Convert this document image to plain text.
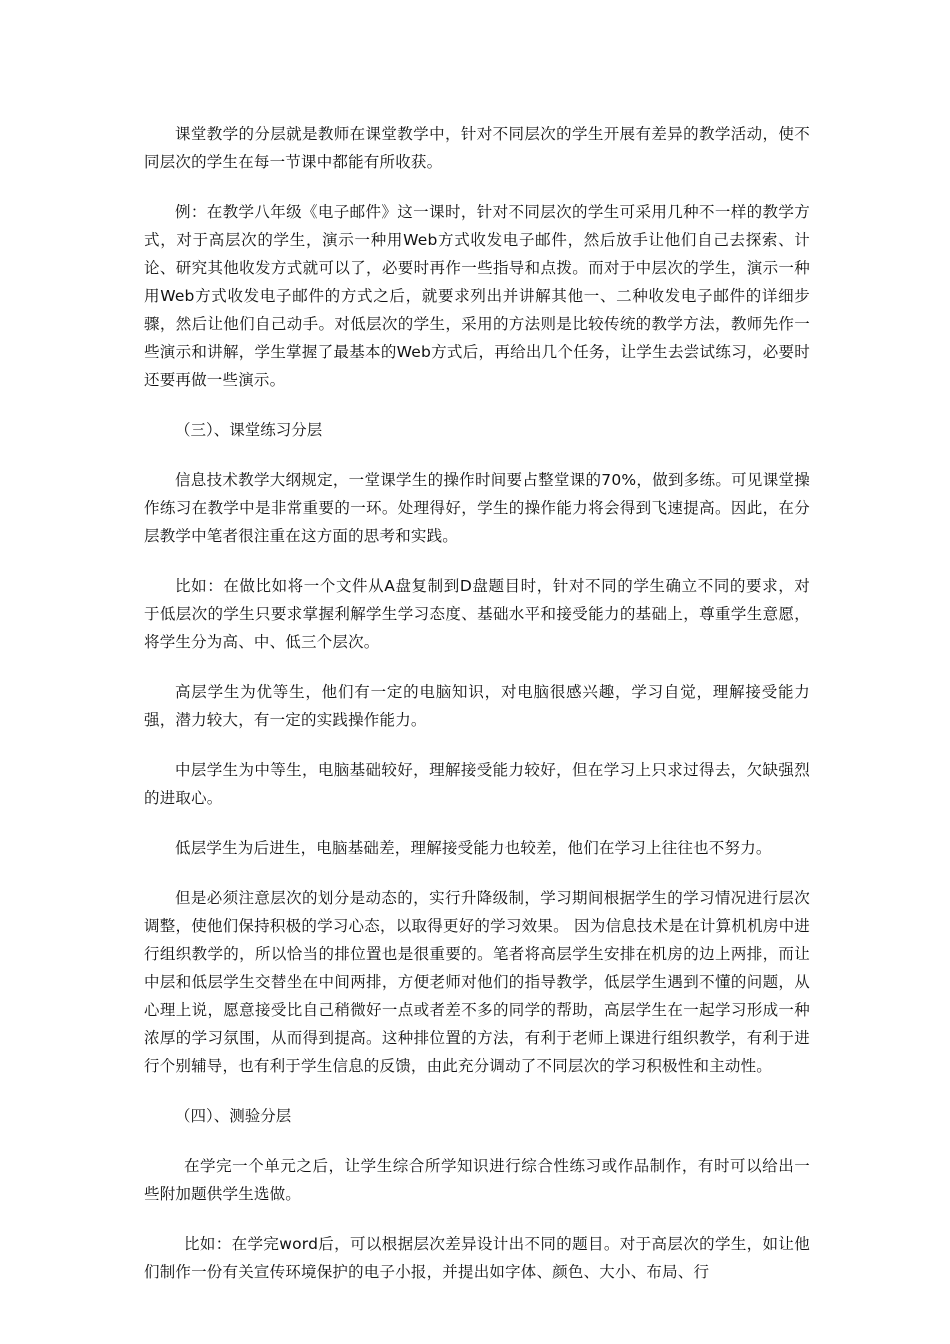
课堂教学的分层就是教师在课堂教学中，针对不同层次的学生开展有差异的教学活动，使不同层次的学生在每一节课中都能有所收获。

例：在教学八年级《电子邮件》这一课时，针对不同层次的学生可采用几种不一样的教学方式，对于高层次的学生，演示一种用Web方式收发电子邮件，然后放手让他们自己去探索、计论、研究其他收发方式就可以了，必要时再作一些指导和点拨。而对于中层次的学生，演示一种用Web方式收发电子邮件的方式之后，就要求列出并讲解其他一、二种收发电子邮件的详细步骤，然后让他们自己动手。对低层次的学生，采用的方法则是比较传统的教学方法，教师先作一些演示和讲解，学生掌握了最基本的Web方式后，再给出几个任务，让学生去尝试练习，必要时还要再做一些演示。

（三）、课堂练习分层

信息技术教学大纲规定，一堂课学生的操作时间要占整堂课的70%，做到多练。可见课堂操作练习在教学中是非常重要的一环。处理得好，学生的操作能力将会得到飞速提高。因此，在分层教学中笔者很注重在这方面的思考和实践。

比如：在做比如将一个文件从A盘复制到D盘题目时，针对不同的学生确立不同的要求，对于低层次的学生只要求掌握利解学生学习态度、基础水平和接受能力的基础上，尊重学生意愿，将学生分为高、中、低三个层次。

高层学生为优等生，他们有一定的电脑知识，对电脑很感兴趣，学习自觉，理解接受能力强，潜力较大，有一定的实践操作能力。

中层学生为中等生，电脑基础较好，理解接受能力较好，但在学习上只求过得去，欠缺强烈的进取心。

低层学生为后进生，电脑基础差，理解接受能力也较差，他们在学习上往往也不努力。

但是必须注意层次的划分是动态的，实行升降级制，学习期间根据学生的学习情况进行层次调整，使他们保持积极的学习心态，以取得更好的学习效果。 因为信息技术是在计算机机房中进行组织教学的，所以恰当的排位置也是很重要的。笔者将高层学生安排在机房的边上两排，而让中层和低层学生交替坐在中间两排，方便老师对他们的指导教学，低层学生遇到不懂的问题，从心理上说，愿意接受比自己稍微好一点或者差不多的同学的帮助，高层学生在一起学习形成一种浓厚的学习氛围，从而得到提高。这种排位置的方法，有利于老师上课进行组织教学，有利于进行个别辅导，也有利于学生信息的反馈，由此充分调动了不同层次的学习积极性和主动性。

（四）、测验分层

在学完一个单元之后，让学生综合所学知识进行综合性练习或作品制作，有时可以给出一些附加题供学生选做。

比如：在学完word后，可以根据层次差异设计出不同的题目。对于高层次的学生，如让他们制作一份有关宣传环境保护的电子小报，并提出如字体、颜色、大小、布局、行
